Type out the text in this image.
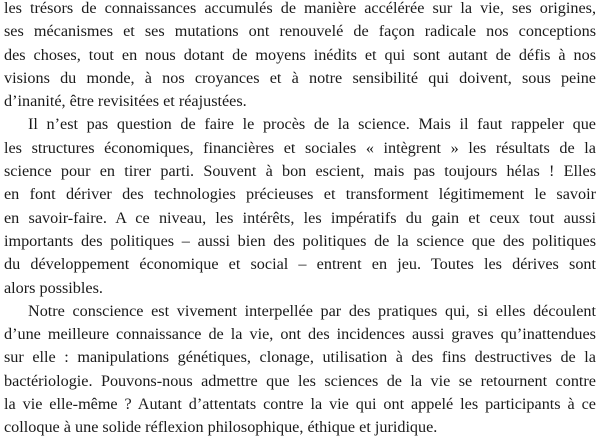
les trésors de connaissances accumulés de manière accélérée sur la vie, ses origines,
ses mécanismes et ses mutations ont renouvelé de façon radicale nos conceptions
des choses, tout en nous dotant de moyens inédits et qui sont autant de défis à nos
visions du monde, à nos croyances et à notre sensibilité qui doivent, sous peine
d’inanité, être revisitées et réajustées.
Il n’est pas question de faire le procès de la science. Mais il faut rappeler que
les structures économiques, financières et sociales « intègrent » les résultats de la
science pour en tirer parti. Souvent à bon escient, mais pas toujours hélas ! Elles
en font dériver des technologies précieuses et transforment légitimement le savoir
en savoir-faire. A ce niveau, les intérêts, les impératifs du gain et ceux tout aussi
importants des politiques – aussi bien des politiques de la science que des politiques
du développement économique et social – entrent en jeu. Toutes les dérives sont
alors possibles.
Notre conscience est vivement interpellée par des pratiques qui, si elles découlent
d’une meilleure connaissance de la vie, ont des incidences aussi graves qu’inattendues
sur elle : manipulations génétiques, clonage, utilisation à des fins destructives de la
bactériologie. Pouvons-nous admettre que les sciences de la vie se retournent contre
la vie elle-même ? Autant d’attentats contre la vie qui ont appelé les participants à ce
colloque à une solide réflexion philosophique, éthique et juridique.
